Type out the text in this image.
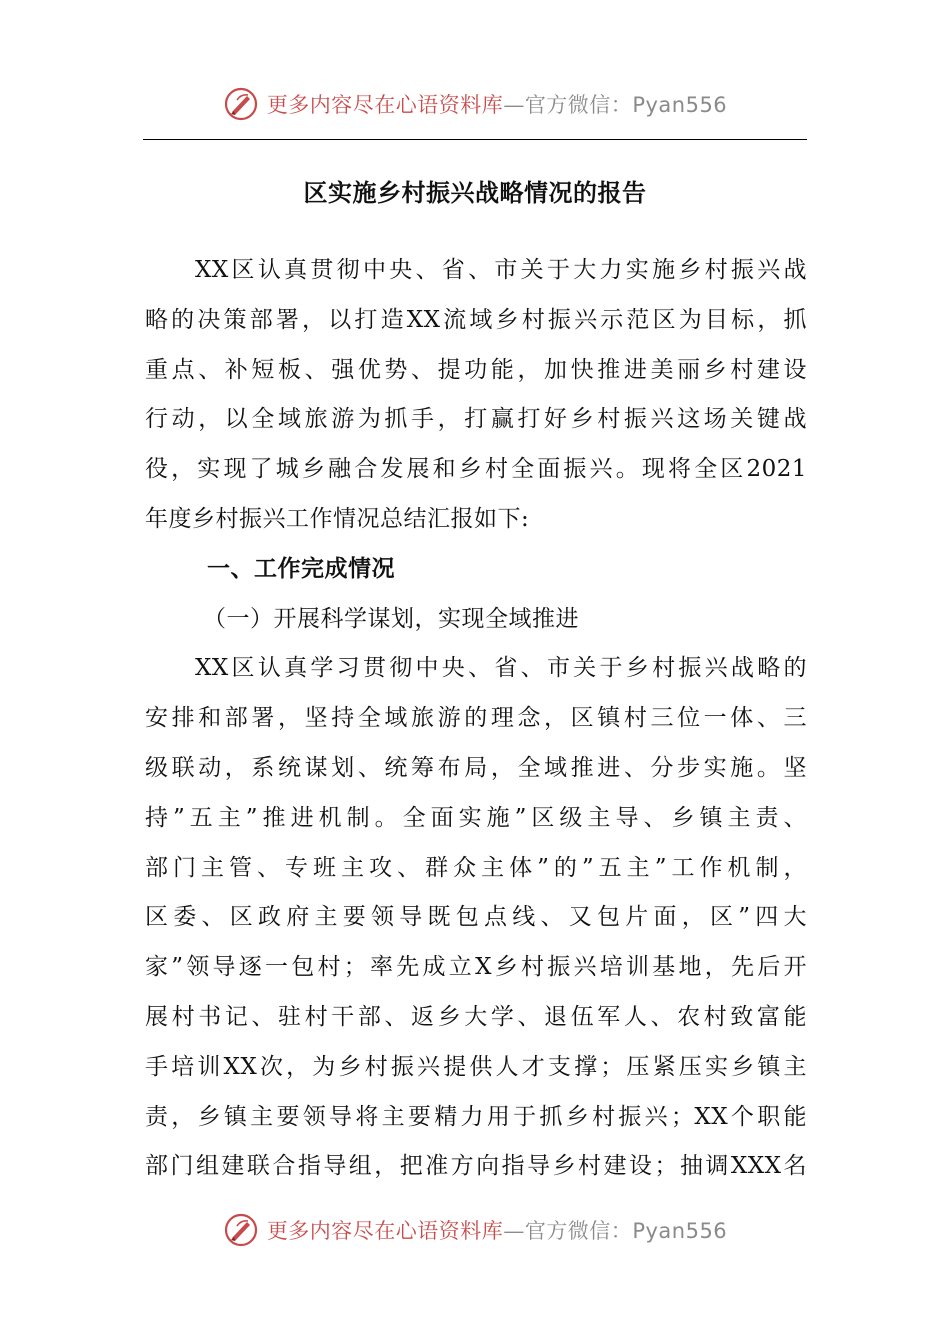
更多内容尽在心语资料库—官方微信：Pyan556
区实施乡村振兴战略情况的报告
XX区认真贯彻中央、省、市关于大力实施乡村振兴战
略的决策部署，以打造XX流域乡村振兴示范区为目标，抓
重点、补短板、强优势、提功能，加快推进美丽乡村建设
行动，以全域旅游为抓手，打赢打好乡村振兴这场关键战
役，实现了城乡融合发展和乡村全面振兴。现将全区2021
年度乡村振兴工作情况总结汇报如下:
一、工作完成情况
（一）开展科学谋划，实现全域推进
XX区认真学习贯彻中央、省、市关于乡村振兴战略的
安排和部署，坚持全域旅游的理念，区镇村三位一体、三
级联动，系统谋划、统筹布局，全域推进、分步实施。坚
持”五主”推进机制。全面实施”区级主导、乡镇主责、
部门主管、专班主攻、群众主体”的”五主”工作机制，
区委、区政府主要领导既包点线、又包片面，区”四大
家”领导逐一包村；率先成立X乡村振兴培训基地，先后开
展村书记、驻村干部、返乡大学、退伍军人、农村致富能
手培训XX次，为乡村振兴提供人才支撑；压紧压实乡镇主
责，乡镇主要领导将主要精力用于抓乡村振兴；XX个职能
部门组建联合指导组，把准方向指导乡村建设；抽调XXX名
更多内容尽在心语资料库—官方微信：Pyan556
